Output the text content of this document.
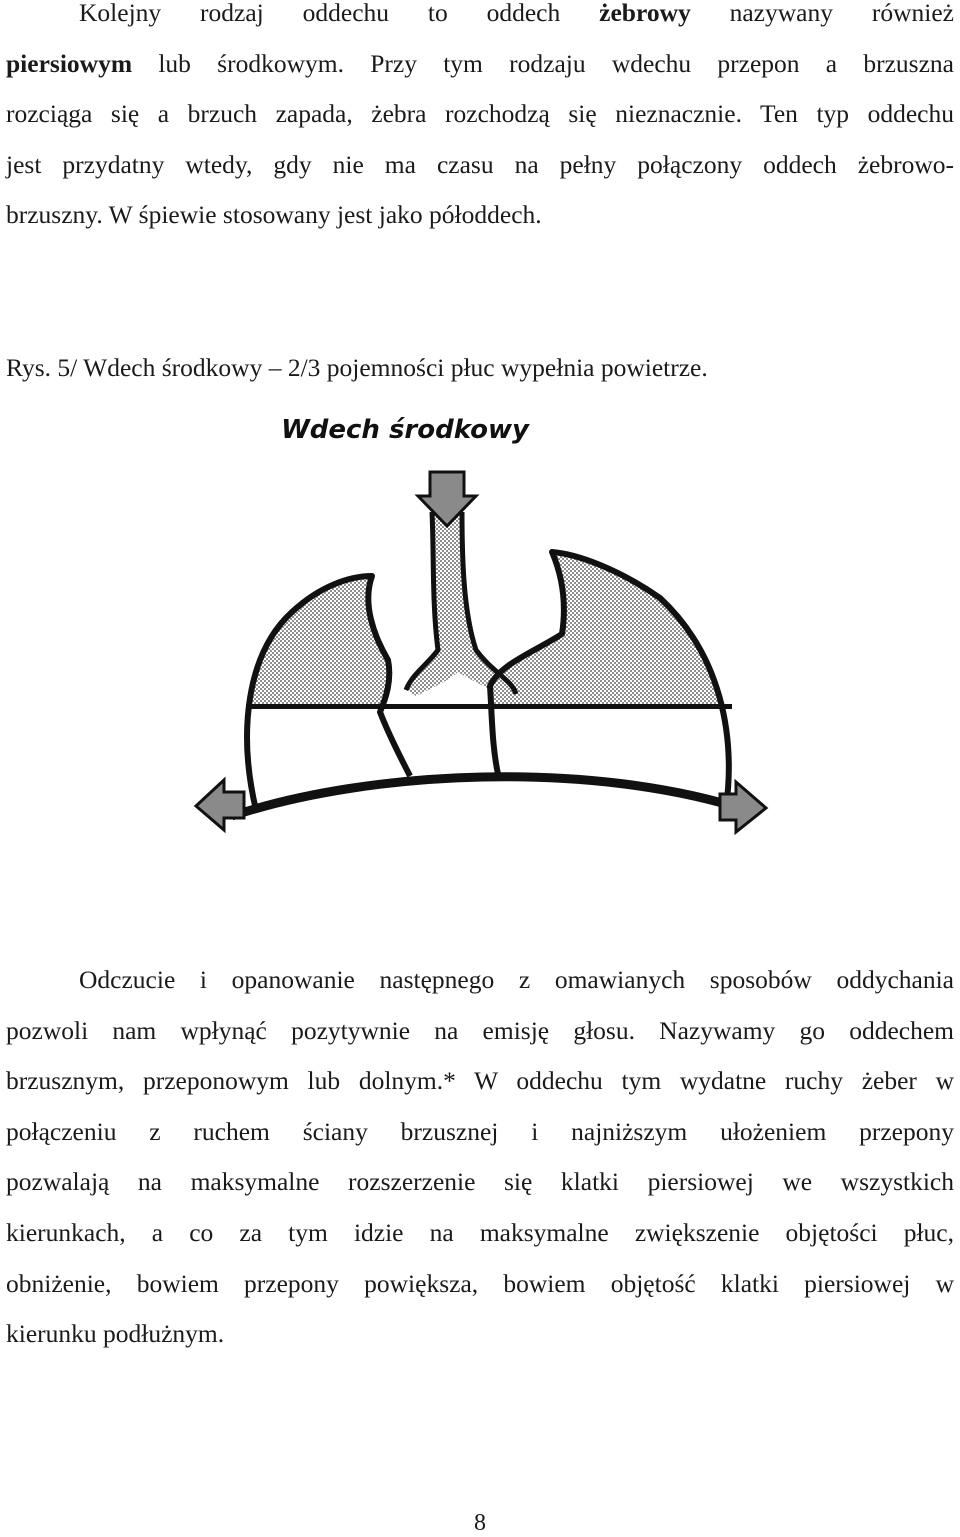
Kolejny rodzaj oddechu to oddech żebrowy nazywany również
piersiowym lub środkowym. Przy tym rodzaju wdechu przepon a brzuszna
rozciąga się a brzuch zapada, żebra rozchodzą się nieznacznie. Ten typ oddechu
jest przydatny wtedy, gdy nie ma czasu na pełny połączony oddech żebrowo-
brzuszny. W śpiewie stosowany jest jako półoddech.
Rys. 5/ Wdech środkowy – 2/3 pojemności płuc wypełnia powietrze.
Wdech środkowy
Odczucie i opanowanie następnego z omawianych sposobów oddychania
pozwoli nam wpłynąć pozytywnie na emisję głosu. Nazywamy go oddechem
brzusznym, przeponowym lub dolnym.* W oddechu tym wydatne ruchy żeber w
połączeniu z ruchem ściany brzusznej i najniższym ułożeniem przepony
pozwalają na maksymalne rozszerzenie się klatki piersiowej we wszystkich
kierunkach, a co za tym idzie na maksymalne zwiększenie objętości płuc,
obniżenie, bowiem przepony powiększa, bowiem objętość klatki piersiowej w
kierunku podłużnym.
8
